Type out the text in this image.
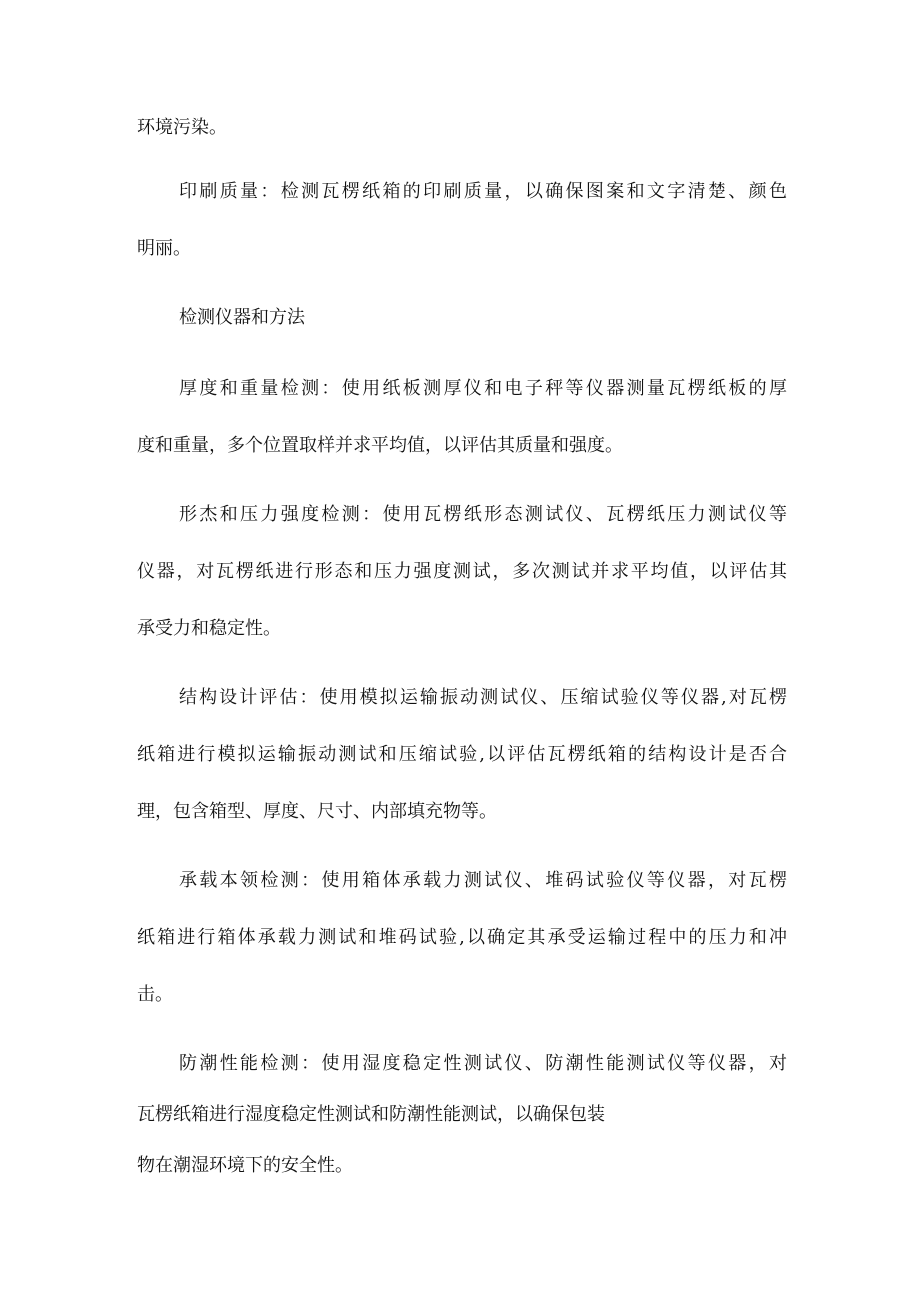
环境污染。
印刷质量：检测瓦楞纸箱的印刷质量，以确保图案和文字清楚、颜色
明丽。
检测仪器和方法
厚度和重量检测：使用纸板测厚仪和电子秤等仪器测量瓦楞纸板的厚
度和重量，多个位置取样并求平均值，以评估其质量和强度。
形杰和压力强度检测：使用瓦楞纸形态测试仪、瓦楞纸压力测试仪等
仪器，对瓦楞纸进行形态和压力强度测试，多次测试并求平均值，以评估其
承受力和稳定性。
结构设计评估：使用模拟运输振动测试仪、压缩试验仪等仪器,对瓦楞
纸箱进行模拟运输振动测试和压缩试验,以评估瓦楞纸箱的结构设计是否合
理，包含箱型、厚度、尺寸、内部填充物等。
承载本领检测：使用箱体承载力测试仪、堆码试验仪等仪器，对瓦楞
纸箱进行箱体承载力测试和堆码试验,以确定其承受运输过程中的压力和冲
击。
防潮性能检测：使用湿度稳定性测试仪、防潮性能测试仪等仪器，对
瓦楞纸箱进行湿度稳定性测试和防潮性能测试，以确保包装
物在潮湿环境下的安全性。
